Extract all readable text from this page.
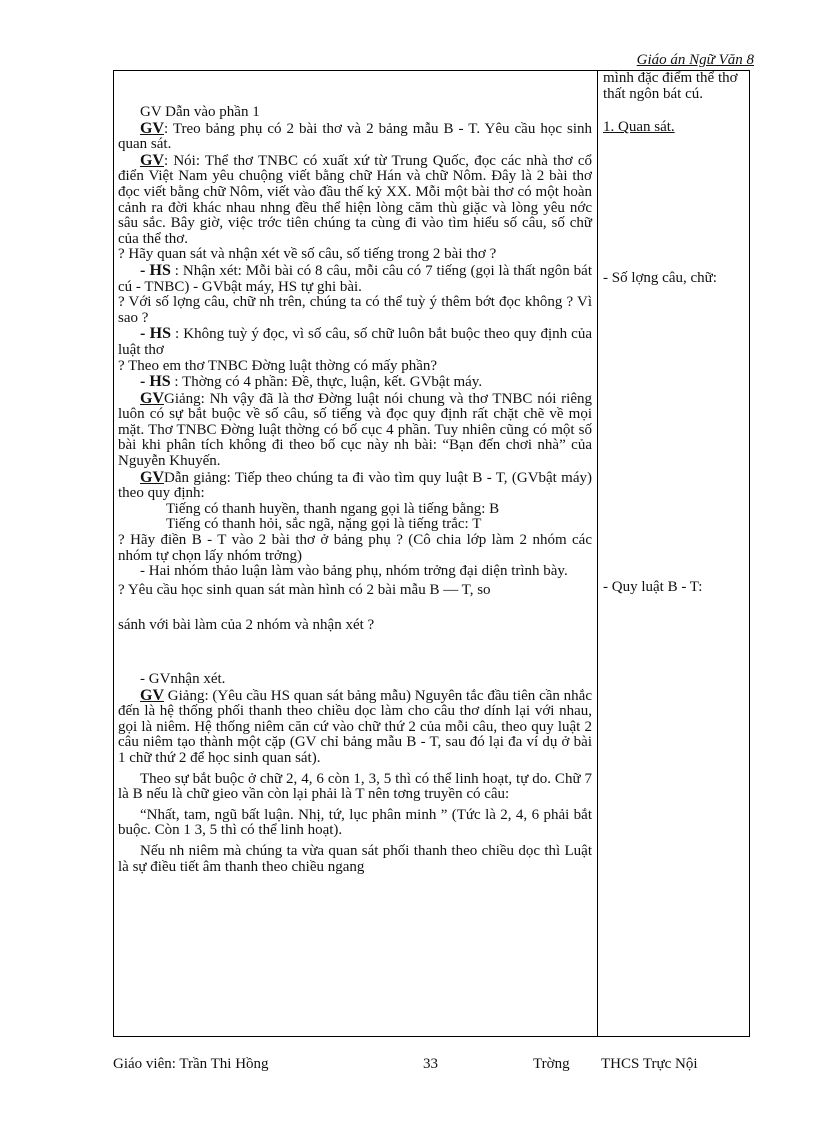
Giáo án Ngữ Văn 8

GV Dẫn vào phần 1

GV: Treo bảng phụ có 2 bài thơ và 2 bảng mẫu B - T. Yêu cầu học sinh quan sát.

GV: Nói: Thể thơ TNBC có xuất xứ từ Trung Quốc, đọc các nhà thơ cổ điển Việt Nam yêu chuộng viết bằng chữ Hán và chữ Nôm. Đây là 2 bài thơ đọc viết bằng chữ Nôm, viết vào đầu thế kỷ XX. Mỗi một bài thơ có một hoàn cảnh ra đời khác nhau nhng đều thể hiện lòng căm thù giặc và lòng yêu nớc sâu sắc. Bây giờ, việc trớc tiên chúng ta cùng đi vào tìm hiểu số câu, số chữ của thể thơ.

? Hãy quan sát và nhận xét về số câu, số tiếng trong 2 bài thơ ?

- HS : Nhận xét: Mỗi bài có 8 câu, mỗi câu có 7 tiếng (gọi là thất ngôn bát cú - TNBC) - GVbật máy, HS tự ghi bài.

? Với số lợng câu, chữ nh trên, chúng ta có thể tuỳ ý thêm bớt đọc không ? Vì sao ?

- HS : Không tuỳ ý đọc, vì số câu, số chữ luôn bắt buộc theo quy định của luật thơ

? Theo em thơ TNBC Đờng luật thờng có mấy phần?

- HS : Thờng có 4 phần: Đề, thực, luận, kết. GVbật máy.

GVGiảng: Nh vậy đã là thơ Đờng luật nói chung và thơ TNBC nói riêng luôn có sự bắt buộc về số câu, số tiếng và đọc quy định rất chặt chẽ về mọi mặt. Thơ TNBC Đờng luật thờng có bố cục 4 phần. Tuy nhiên cũng có một số bài khi phân tích không đi theo bố cục này nh bài: “Bạn đến chơi nhà” của Nguyễn Khuyến.

GVDẫn giảng: Tiếp theo chúng ta đi vào tìm quy luật B - T, (GVbật máy) theo quy định:

Tiếng có thanh huyền, thanh ngang gọi là tiếng bằng: B

Tiếng có thanh hỏi, sắc ngã, nặng gọi là tiếng trắc: T

? Hãy điền B - T vào 2 bài thơ ở bảng phụ ? (Cô chia lớp làm 2 nhóm các nhóm tự chọn lấy nhóm trởng)

- Hai nhóm thảo luận làm vào bảng phụ, nhóm trởng đại diện trình bày.

? Yêu cầu học sinh quan sát màn hình có 2 bài mẫu B — T, so

sánh với bài làm của 2 nhóm và nhận xét ?

- GVnhận xét.

GV Giảng: (Yêu cầu HS quan sát bảng mẫu) Nguyên tắc đầu tiên cần nhắc đến là hệ thống phối thanh theo chiều dọc làm cho câu thơ dính lại với nhau, gọi là niêm. Hệ thống niêm căn cứ vào chữ thứ 2 của mỗi câu, theo quy luật 2 câu niêm tạo thành một cặp (GV chỉ bảng mẫu B - T, sau đó lại đa ví dụ ở bài 1 chữ thứ 2 để học sinh quan sát).

Theo sự bắt buộc ở chữ 2, 4, 6 còn 1, 3, 5 thì có thể linh hoạt, tự do. Chữ 7 là B nếu là chữ gieo vần còn lại phải là T nên tơng truyền có câu:

“Nhất, tam, ngũ bất luận. Nhị, tứ, lục phân minh ” (Tức là 2, 4, 6 phải bắt buộc. Còn 1 3, 5 thì có thể linh hoạt).

Nếu nh niêm mà chúng ta vừa quan sát phối thanh theo chiều dọc thì Luật là sự điều tiết âm thanh theo chiều ngang

mình đặc điểm thể thơ thất ngôn bát cú.

1. Quan sát.

- Số lợng câu, chữ:

- Quy luật B - T:

Giáo viên: Trần Thi Hồng	33	Trờng THCS Trực Nội
